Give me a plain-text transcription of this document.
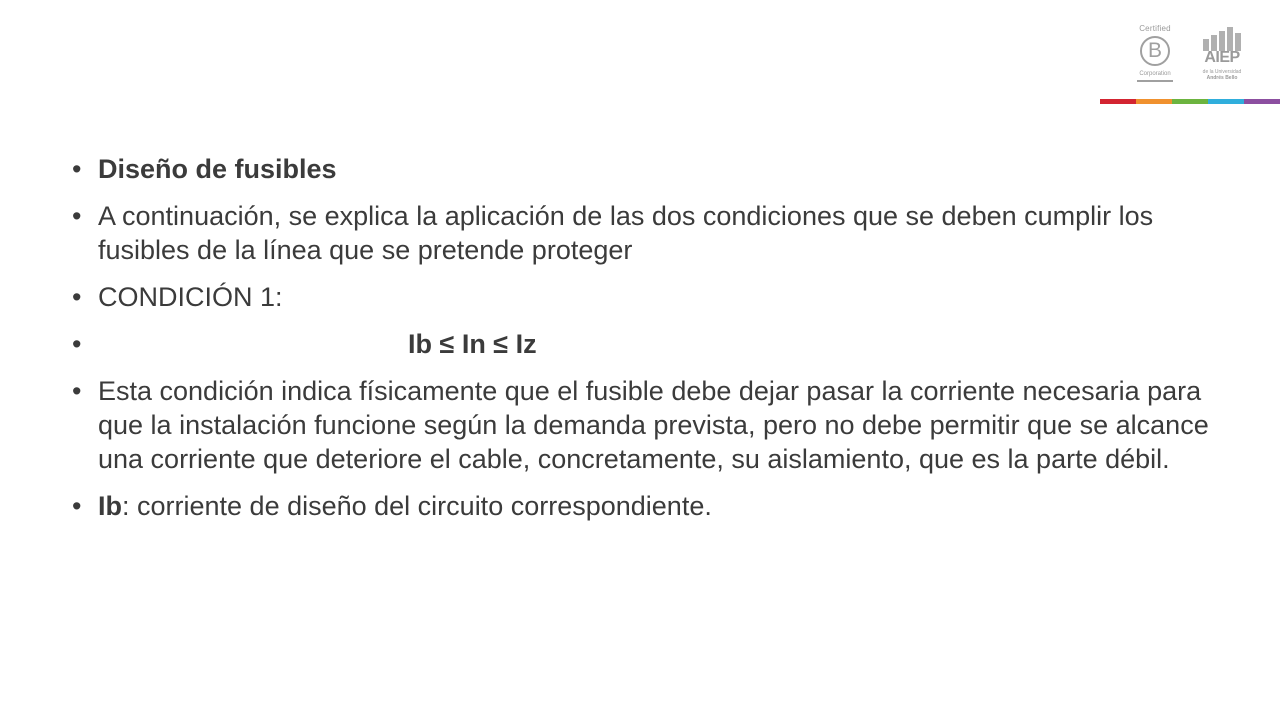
Certified
B
Corporation
AIEP
de la Universidad
Andrés Bello
• Diseño de fusibles
• A continuación, se explica la aplicación de las dos condiciones que se deben cumplir los fusibles de la línea que se pretende proteger
• CONDICIÓN 1:
•	Ib ≤ In ≤ Iz
• Esta condición indica físicamente que el fusible debe dejar pasar la corriente necesaria para que la instalación funcione según la demanda prevista, pero no debe permitir que se alcance una corriente que deteriore el cable, concretamente, su aislamiento, que es la parte débil.
• Ib: corriente de diseño del circuito correspondiente.
